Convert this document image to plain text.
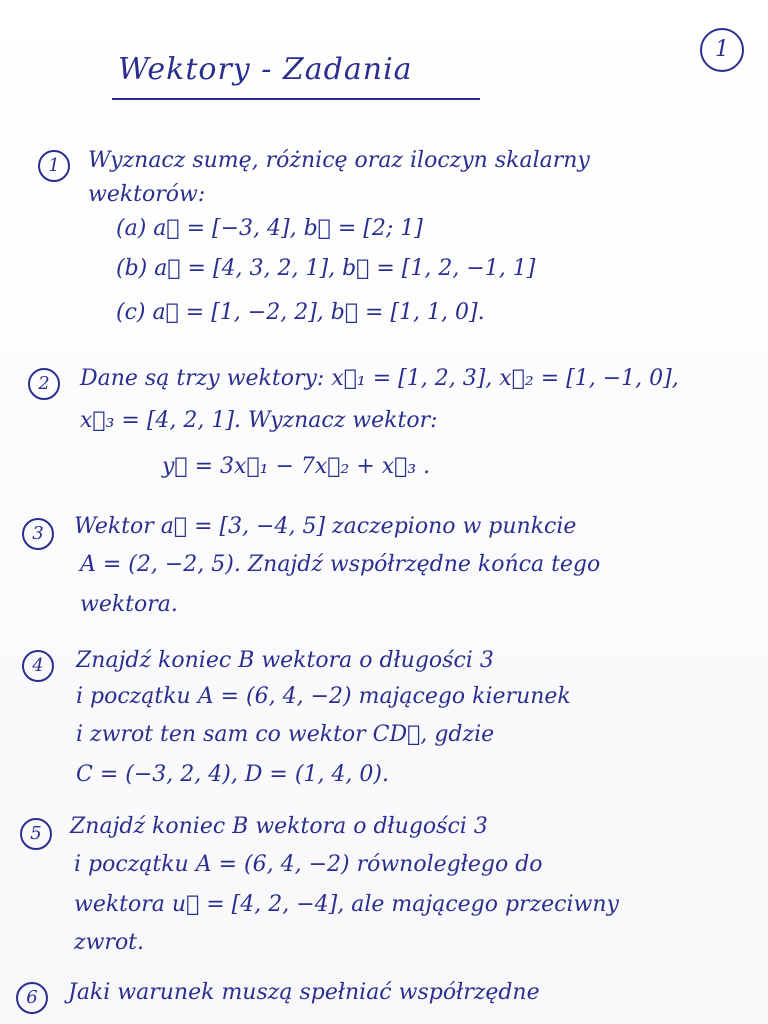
1
Wektory - Zadania
1	Wyznacz sumę, różnicę oraz iloczyn skalarny
wektorów:
(a) a⃗ = [−3, 4], b⃗ = [2; 1]
(b) a⃗ = [4, 3, 2, 1], b⃗ = [1, 2, −1, 1]
(c) a⃗ = [1, −2, 2], b⃗ = [1, 1, 0].
2	Dane są trzy wektory: x⃗₁ = [1, 2, 3], x⃗₂ = [1, −1, 0],
x⃗₃ = [4, 2, 1]. Wyznacz wektor:
y⃗ = 3x⃗₁ − 7x⃗₂ + x⃗₃ .
3	Wektor a⃗ = [3, −4, 5] zaczepiono w punkcie
A = (2, −2, 5). Znajdź współrzędne końca tego
wektora.
4	Znajdź koniec B wektora o długości 3
i początku A = (6, 4, −2) mającego kierunek
i zwrot ten sam co wektor CD⃗, gdzie
C = (−3, 2, 4), D = (1, 4, 0).
5	Znajdź koniec B wektora o długości 3
i początku A = (6, 4, −2) równoległego do
wektora u⃗ = [4, 2, −4], ale mającego przeciwny
zwrot.
6	Jaki warunek muszą spełniać współrzędne
